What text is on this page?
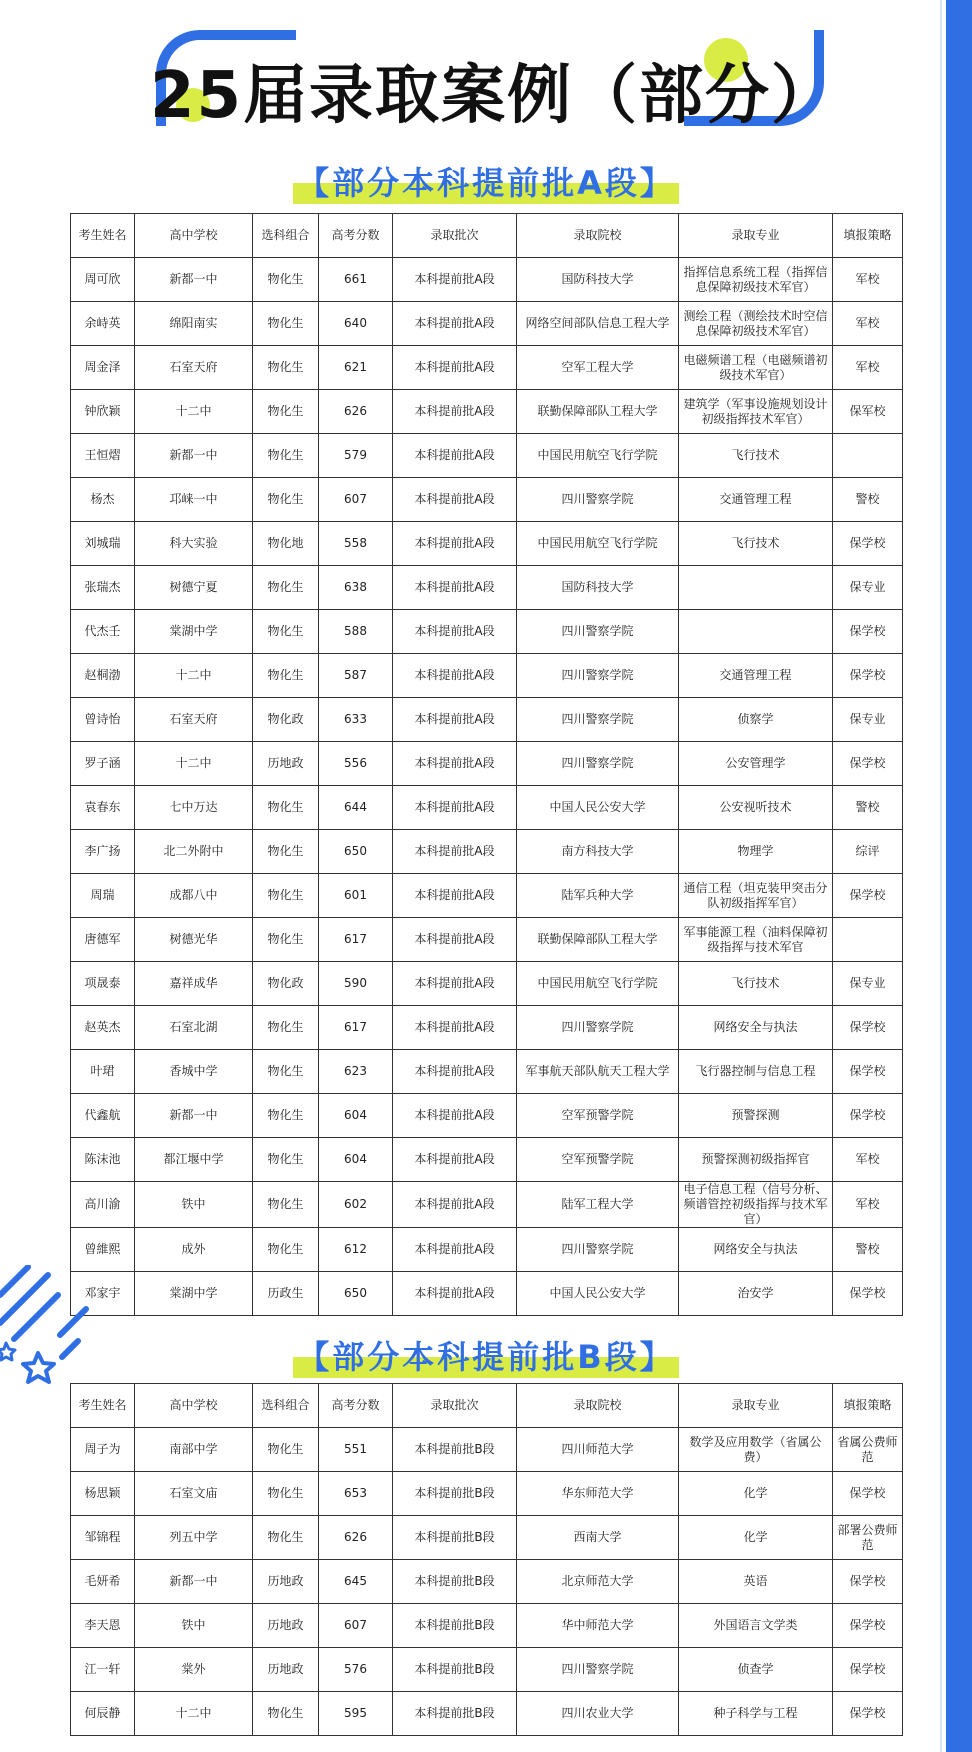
25届录取案例（部分）
【部分本科提前批A段】
考生姓名	高中学校	选科组合	高考分数	录取批次	录取院校	录取专业	填报策略
周可欣	新都一中	物化生	661	本科提前批A段	国防科技大学	指挥信息系统工程（指挥信息保障初级技术军官）	军校
余峙英	绵阳南实	物化生	640	本科提前批A段	网络空间部队信息工程大学	测绘工程（测绘技术时空信息保障初级技术军官）	军校
周金泽	石室天府	物化生	621	本科提前批A段	空军工程大学	电磁频谱工程（电磁频谱初级技术军官）	军校
钟欣颖	十二中	物化生	626	本科提前批A段	联勤保障部队工程大学	建筑学（军事设施规划设计初级指挥技术军官）	保军校
王恒熠	新都一中	物化生	579	本科提前批A段	中国民用航空飞行学院	飞行技术	
杨杰	邛崃一中	物化生	607	本科提前批A段	四川警察学院	交通管理工程	警校
刘城瑞	科大实验	物化地	558	本科提前批A段	中国民用航空飞行学院	飞行技术	保学校
张瑞杰	树德宁夏	物化生	638	本科提前批A段	国防科技大学		保专业
代杰壬	棠湖中学	物化生	588	本科提前批A段	四川警察学院		保学校
赵桐渤	十二中	物化生	587	本科提前批A段	四川警察学院	交通管理工程	保学校
曾诗怡	石室天府	物化政	633	本科提前批A段	四川警察学院	侦察学	保专业
罗子涵	十二中	历地政	556	本科提前批A段	四川警察学院	公安管理学	保学校
袁春东	七中万达	物化生	644	本科提前批A段	中国人民公安大学	公安视听技术	警校
李广扬	北二外附中	物化生	650	本科提前批A段	南方科技大学	物理学	综评
周瑞	成都八中	物化生	601	本科提前批A段	陆军兵种大学	通信工程（坦克装甲突击分队初级指挥军官）	保学校
唐德军	树德光华	物化生	617	本科提前批A段	联勤保障部队工程大学	军事能源工程（油料保障初级指挥与技术军官	
项晟泰	嘉祥成华	物化政	590	本科提前批A段	中国民用航空飞行学院	飞行技术	保专业
赵英杰	石室北湖	物化生	617	本科提前批A段	四川警察学院	网络安全与执法	保学校
叶珺	香城中学	物化生	623	本科提前批A段	军事航天部队航天工程大学	飞行器控制与信息工程	保学校
代鑫航	新都一中	物化生	604	本科提前批A段	空军预警学院	预警探测	保学校
陈沫池	都江堰中学	物化生	604	本科提前批A段	空军预警学院	预警探测初级指挥官	军校
高川渝	铁中	物化生	602	本科提前批A段	陆军工程大学	电子信息工程（信号分析、频谱管控初级指挥与技术军官）	军校
曾維熙	成外	物化生	612	本科提前批A段	四川警察学院	网络安全与执法	警校
邓家宇	棠湖中学	历政生	650	本科提前批A段	中国人民公安大学	治安学	保学校
【部分本科提前批B段】
考生姓名	高中学校	选科组合	高考分数	录取批次	录取院校	录取专业	填报策略
周子为	南部中学	物化生	551	本科提前批B段	四川师范大学	数学及应用数学（省属公费）	省属公费师范
杨思颖	石室文庙	物化生	653	本科提前批B段	华东师范大学	化学	保学校
邹锦程	列五中学	物化生	626	本科提前批B段	西南大学	化学	部署公费师范
毛妍希	新都一中	历地政	645	本科提前批B段	北京师范大学	英语	保学校
李天恩	铁中	历地政	607	本科提前批B段	华中师范大学	外国语言文学类	保学校
江一轩	棠外	历地政	576	本科提前批B段	四川警察学院	侦查学	保学校
何辰静	十二中	物化生	595	本科提前批B段	四川农业大学	种子科学与工程	保学校
